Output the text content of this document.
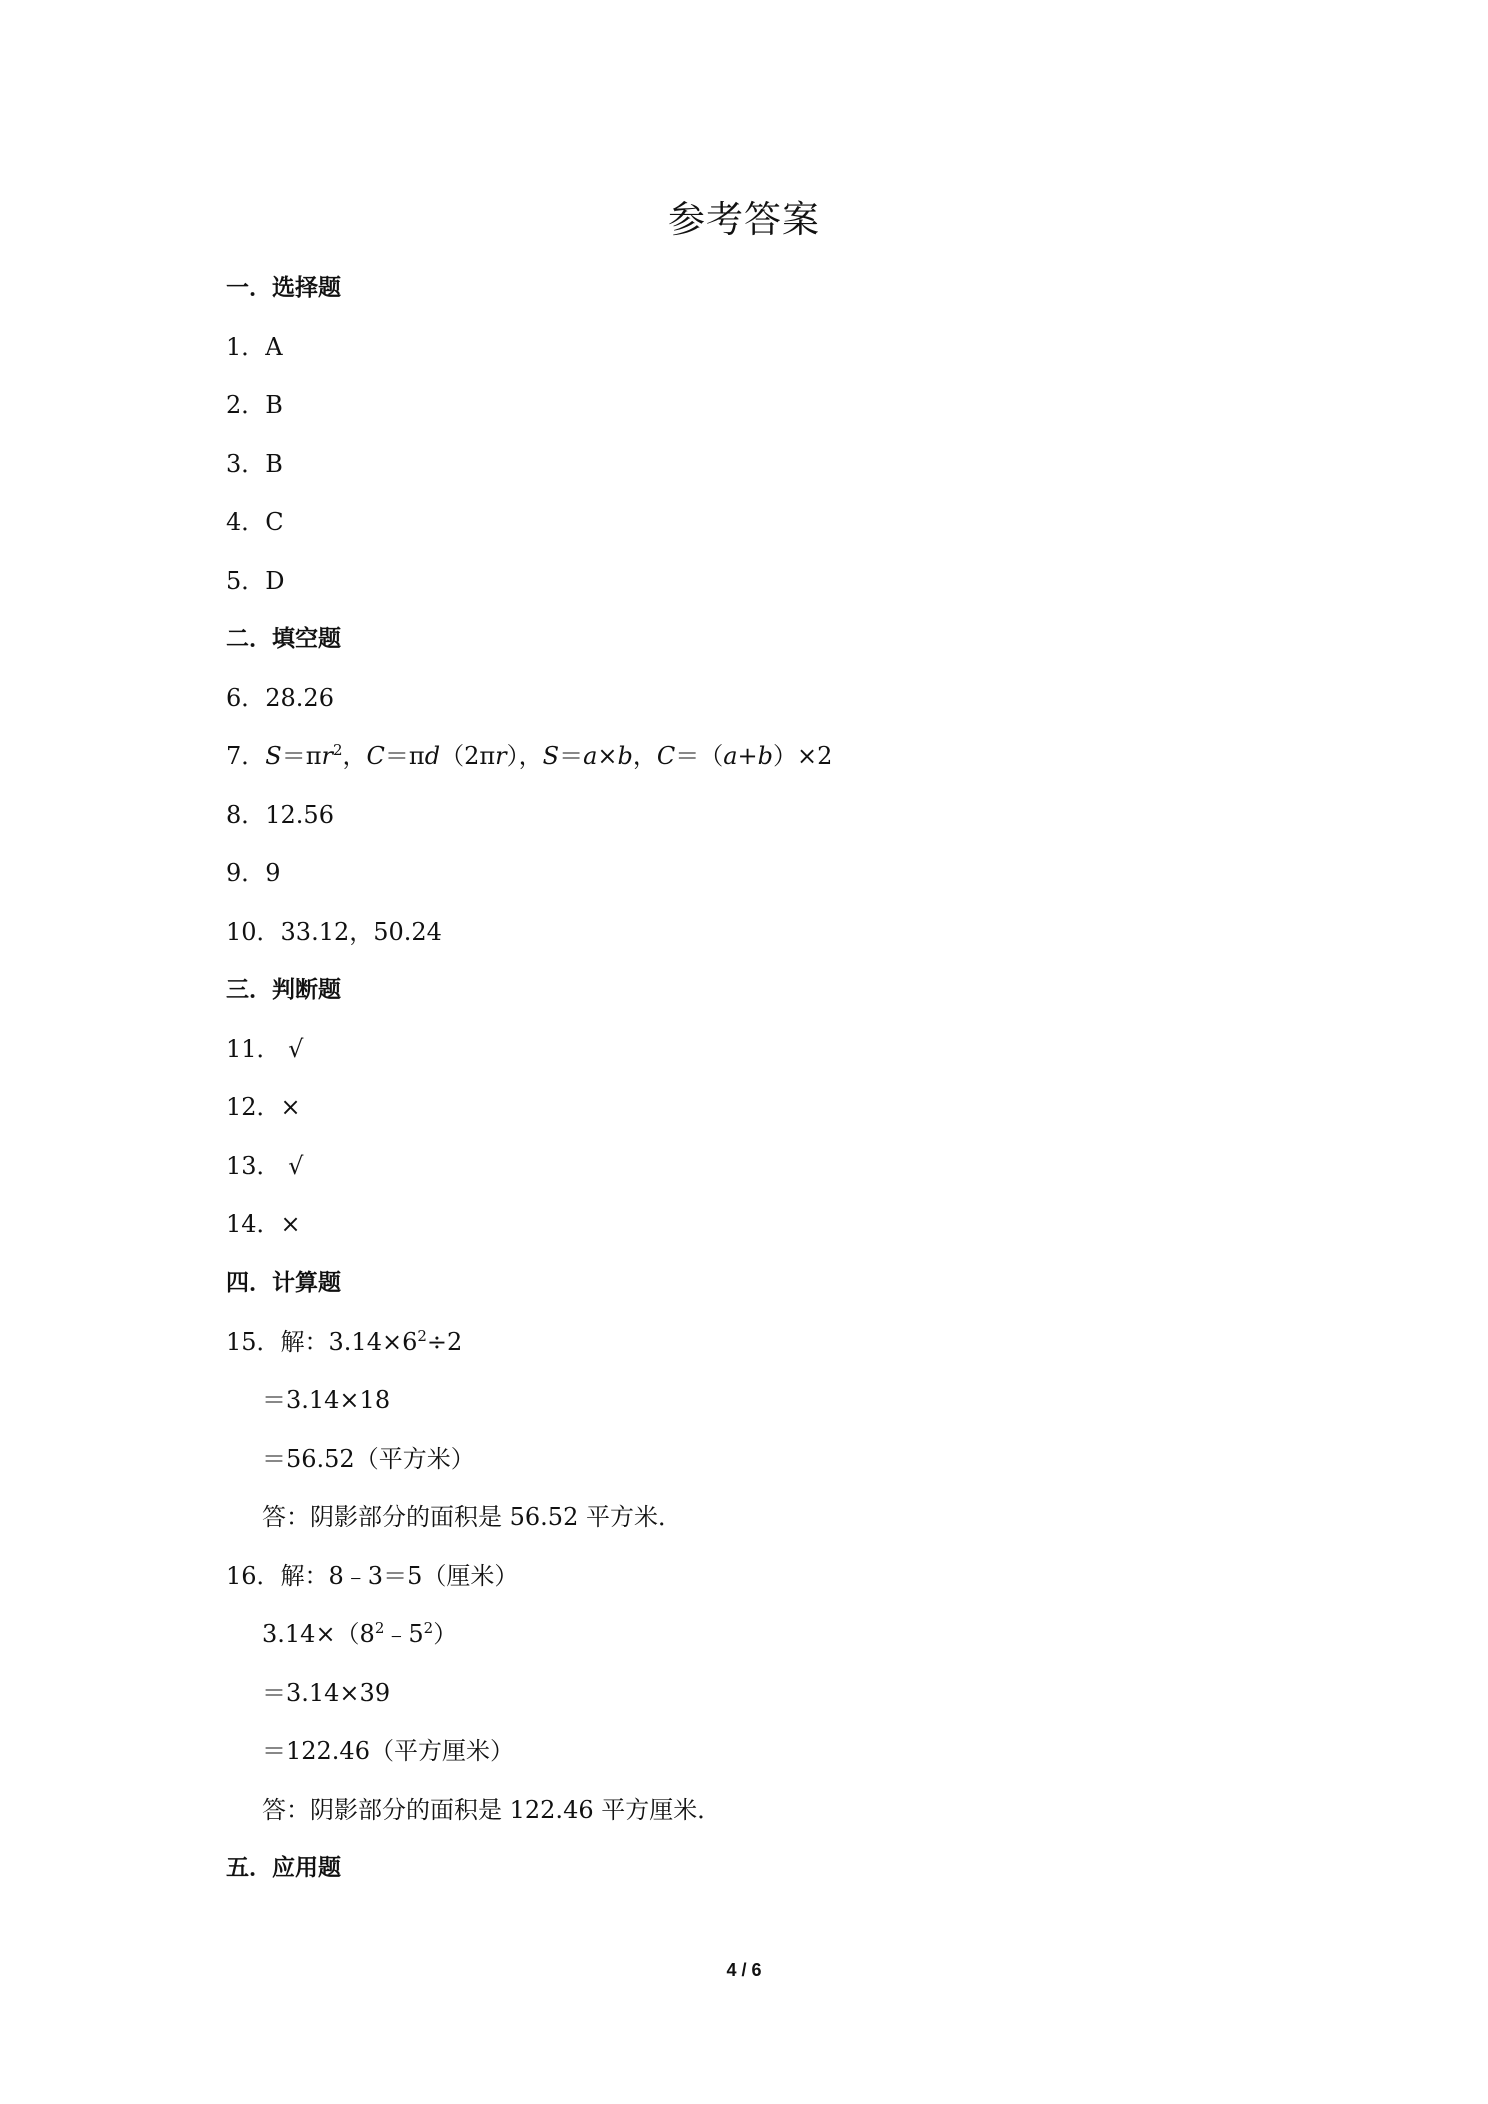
参考答案
一．选择题
1．A
2．B
3．B
4．C
5．D
二．填空题
6．28.26
7．$S=\pi r^2$，C＝πd（2πr），S＝a×b，C＝（a+b）×2
8．12.56
9．9
10．33.12，50.24
三．判断题
11． √
12．×
13． √
14．×
四．计算题
15．解：$3.14\times 6^2\div 2$
＝3.14×18
＝56.52（平方米）
答：阴影部分的面积是 56.52 平方米．
16．解：8﹣3＝5（厘米）
$3.14\times(8^2﹣5^2)$
＝3.14×39
＝122.46（平方厘米）
答：阴影部分的面积是 122.46 平方厘米．
五．应用题
4 / 6
